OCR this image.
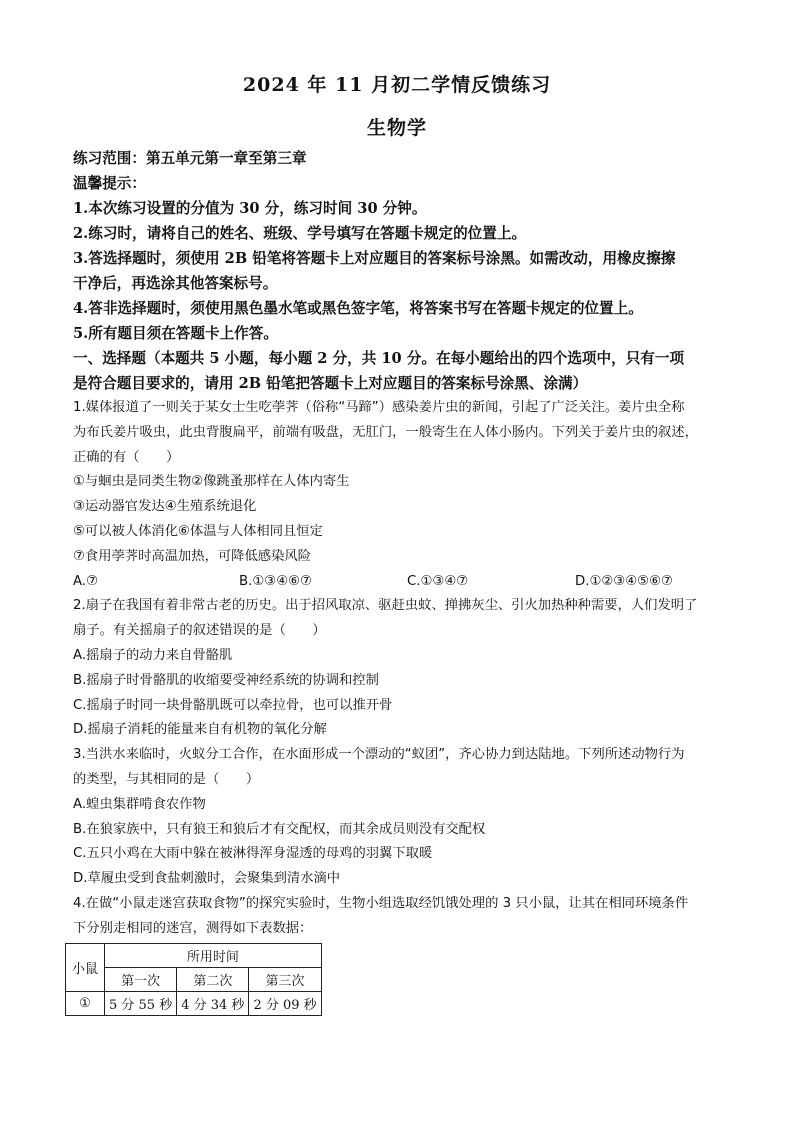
2024 年 11 月初二学情反馈练习
生物学
练习范围：第五单元第一章至第三章
温馨提示：
1.本次练习设置的分值为 30 分，练习时间 30 分钟。
2.练习时，请将自己的姓名、班级、学号填写在答题卡规定的位置上。
3.答选择题时，须使用 2B 铅笔将答题卡上对应题目的答案标号涂黑。如需改动，用橡皮擦擦
干净后，再选涂其他答案标号。
4.答非选择题时，须使用黑色墨水笔或黑色签字笔，将答案书写在答题卡规定的位置上。
5.所有题目须在答题卡上作答。
一、选择题（本题共 5 小题，每小题 2 分，共 10 分。在每小题给出的四个选项中，只有一项
是符合题目要求的，请用 2B 铅笔把答题卡上对应题目的答案标号涂黑、涂满）
1.媒体报道了一则关于某女士生吃荸荠（俗称“马蹄”）感染姜片虫的新闻，引起了广泛关注。姜片虫全称
为布氏姜片吸虫，此虫背腹扁平，前端有吸盘，无肛门，一般寄生在人体小肠内。下列关于姜片虫的叙述，
正确的有（　　）
①与蛔虫是同类生物②像跳蚤那样在人体内寄生
③运动器官发达④生殖系统退化
⑤可以被人体消化⑥体温与人体相同且恒定
⑦食用荸荠时高温加热，可降低感染风险
A.⑦	B.①③④⑥⑦	C.①③④⑦	D.①②③④⑤⑥⑦
2.扇子在我国有着非常古老的历史。出于招风取凉、驱赶虫蚊、掸拂灰尘、引火加热种种需要，人们发明了
扇子。有关摇扇子的叙述错误的是（　　）
A.摇扇子的动力来自骨骼肌
B.摇扇子时骨骼肌的收缩要受神经系统的协调和控制
C.摇扇子时同一块骨骼肌既可以牵拉骨，也可以推开骨
D.摇扇子消耗的能量来自有机物的氧化分解
3.当洪水来临时，火蚁分工合作，在水面形成一个漂动的“蚁团”，齐心协力到达陆地。下列所述动物行为
的类型，与其相同的是（　　）
A.蝗虫集群啃食农作物
B.在狼家族中，只有狼王和狼后才有交配权，而其余成员则没有交配权
C.五只小鸡在大雨中躲在被淋得浑身湿透的母鸡的羽翼下取暖
D.草履虫受到食盐刺激时，会聚集到清水滴中
4.在做“小鼠走迷宫获取食物”的探究实验时，生物小组选取经饥饿处理的 3 只小鼠，让其在相同环境条件
下分别走相同的迷宫，测得如下表数据：
小鼠	所用时间		
	第一次	第二次	第三次
①	5 分 55 秒	4 分 34 秒	2 分 09 秒
